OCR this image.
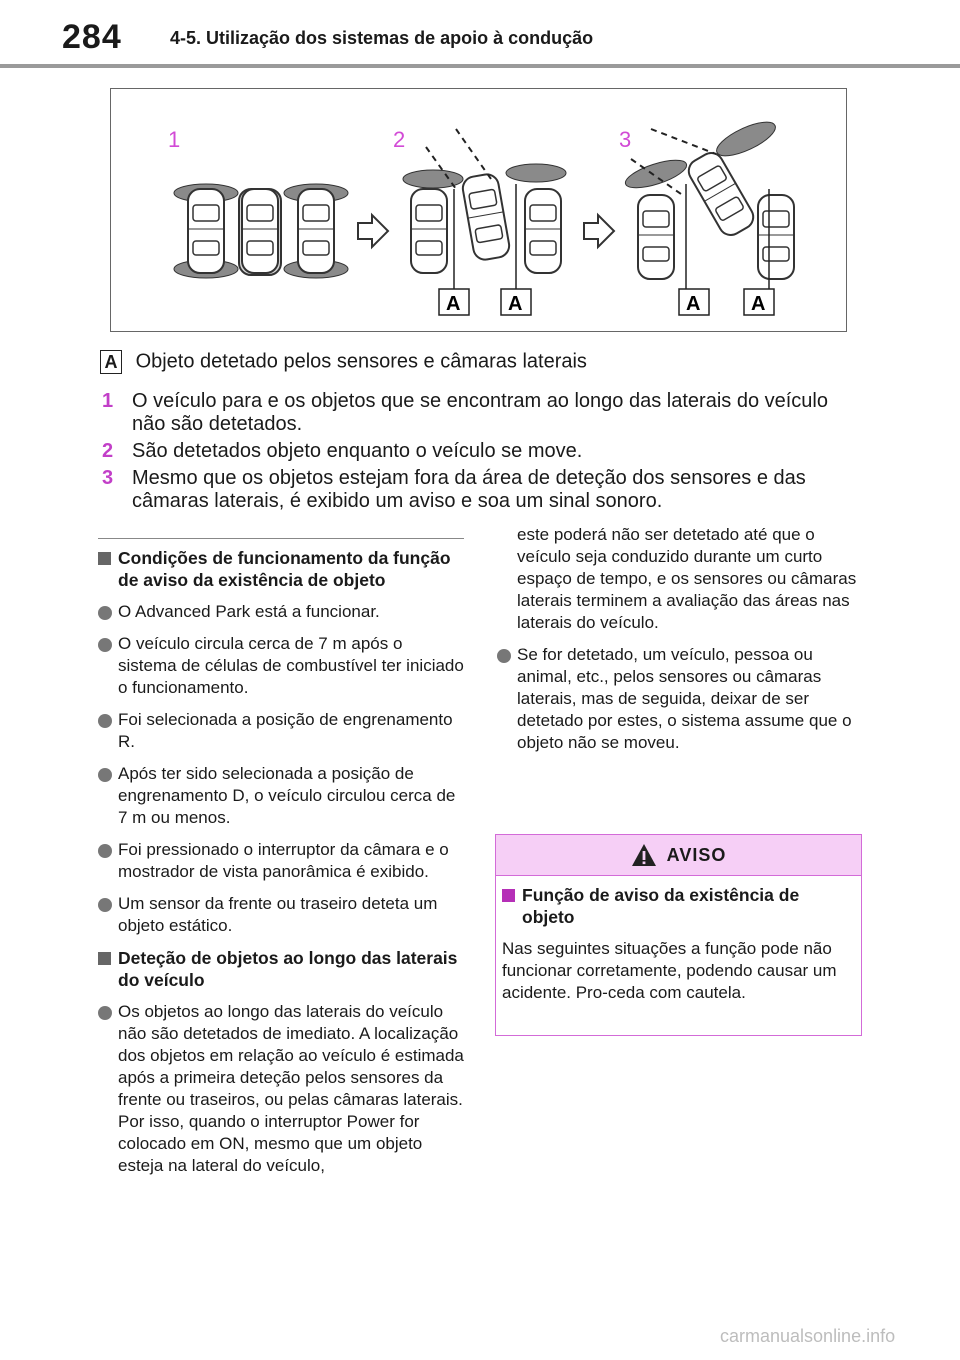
284	4-5. Utilização dos sistemas de apoio à condução
1	2	3
A A	A	A
A Objeto detetado pelos sensores e câmaras laterais
1 O veículo para e os objetos que se encontram ao longo das laterais do veículo não são detetados.
2 São detetados objeto enquanto o veículo se move.
3 Mesmo que os objetos estejam fora da área de deteção dos sensores e das câmaras laterais, é exibido um aviso e soa um sinal sonoro.
Condições de funcionamento da função de aviso da existência de objeto
O Advanced Park está a funcionar.
O veículo circula cerca de 7 m após o sistema de células de combustível ter iniciado o funcionamento.
Foi selecionada a posição de engrenamento R.
Após ter sido selecionada a posição de engrenamento D, o veículo circulou cerca de 7 m ou menos.
Foi pressionado o interruptor da câmara e o mostrador de vista panorâmica é exibido.
Um sensor da frente ou traseiro deteta um objeto estático.
Deteção de objetos ao longo das laterais do veículo
Os objetos ao longo das laterais do veículo não são detetados de imediato. A localização dos objetos em relação ao veículo é estimada após a primeira deteção pelos sensores da frente ou traseiros, ou pelas câmaras laterais. Por isso, quando o interruptor Power for colocado em ON, mesmo que um objeto esteja na lateral do veículo,
este poderá não ser detetado até que o veículo seja conduzido durante um curto espaço de tempo, e os sensores ou câmaras laterais terminem a avaliação das áreas nas laterais do veículo.
Se for detetado, um veículo, pessoa ou animal, etc., pelos sensores ou câmaras laterais, mas de seguida, deixar de ser detetado por estes, o sistema assume que o objeto não se moveu.
AVISO
Função de aviso da existência de objeto
Nas seguintes situações a função pode não funcionar corretamente, podendo causar um acidente. Pro-ceda com cautela.
carmanualsonline.info
